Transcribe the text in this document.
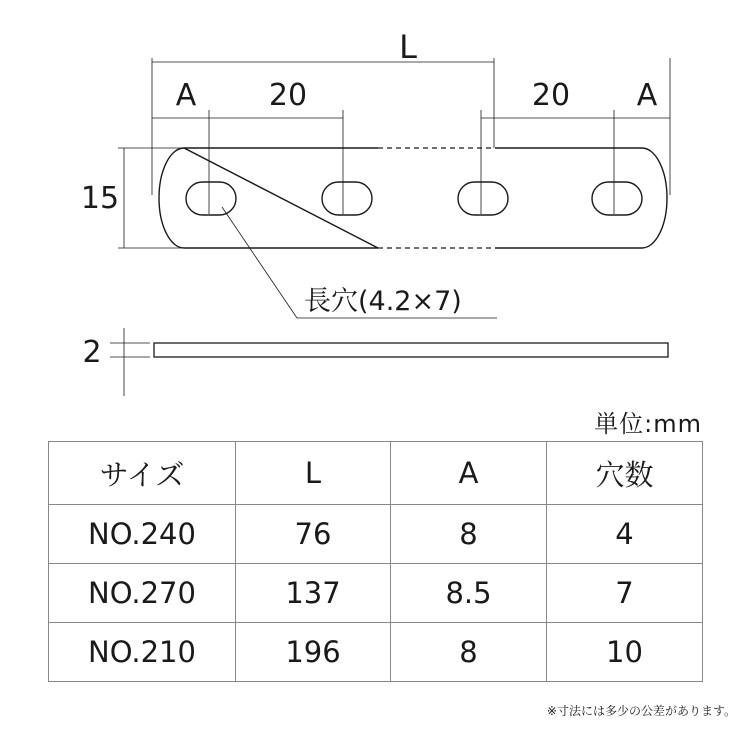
L
A 20	20 A
15
2
長穴(4.2×7)
単位:mm
サイズ	L	A	穴数
NO.240	76	8	4
NO.270	137	8.5	7
NO.210	196	8	10
※寸法には多少の公差があります。
